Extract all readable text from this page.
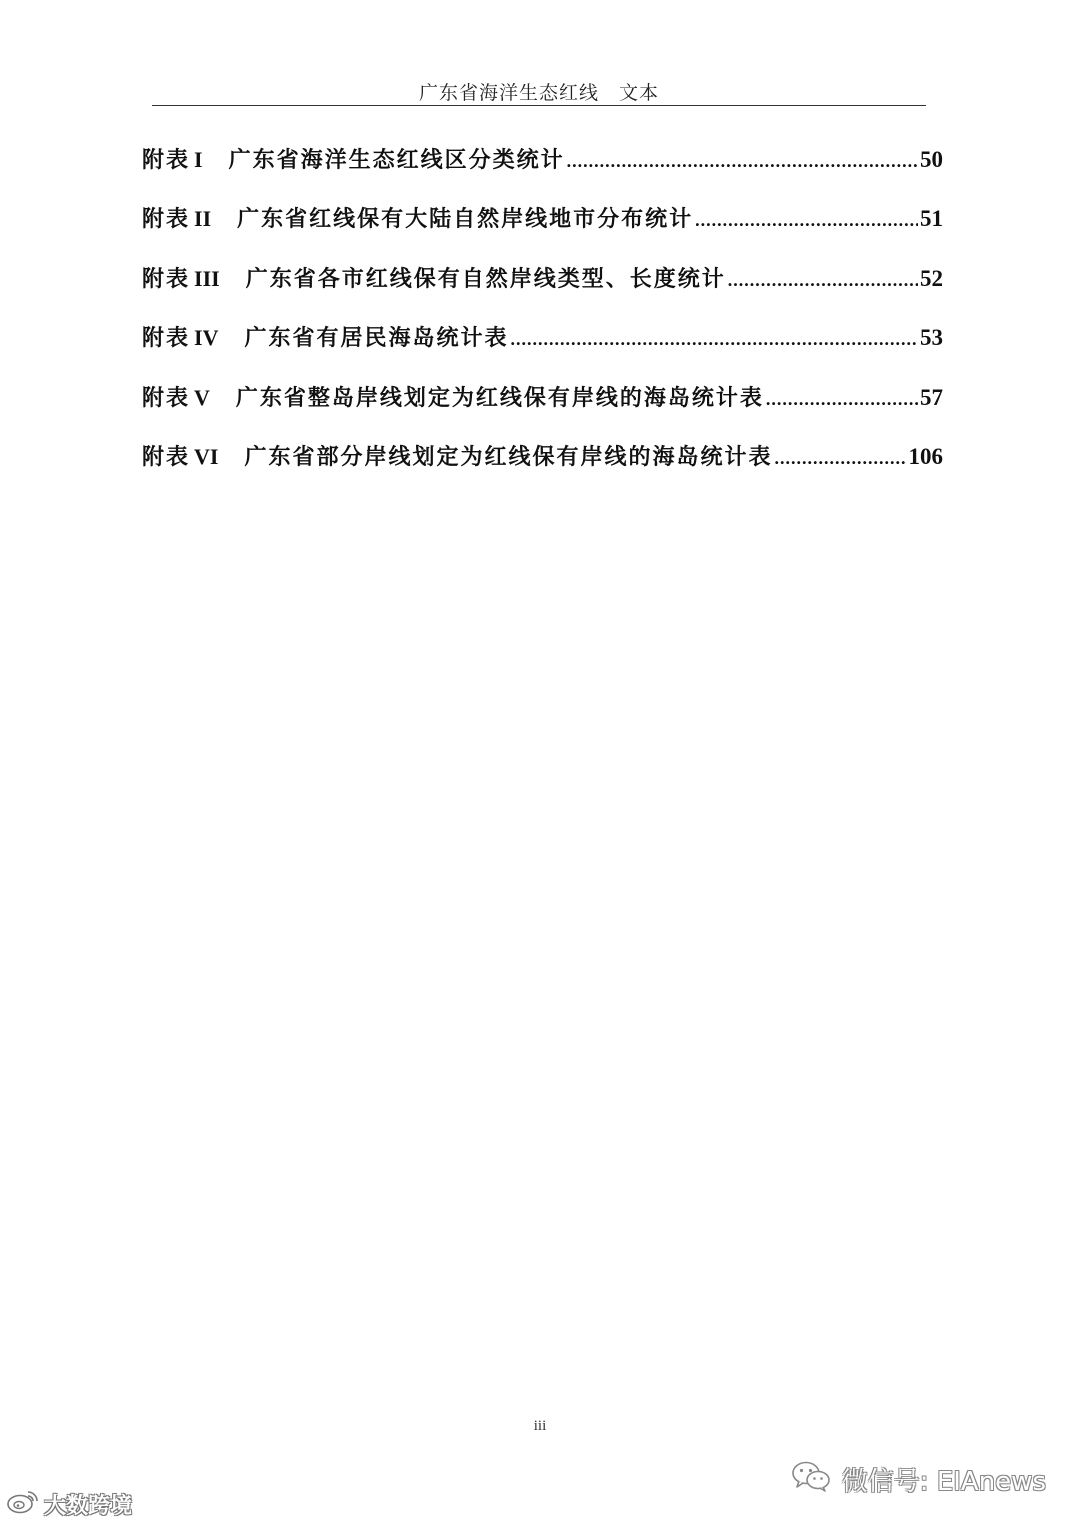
广东省海洋生态红线　文本
附表 I 广东省海洋生态红线区分类统计 .....	50
附表 II 广东省红线保有大陆自然岸线地市分布统计 .....	51
附表 III 广东省各市红线保有自然岸线类型、长度统计 .....	52
附表 IV 广东省有居民海岛统计表 .....	53
附表 V 广东省整岛岸线划定为红线保有岸线的海岛统计表 .....	57
附表 VI 广东省部分岸线划定为红线保有岸线的海岛统计表 .....	106
iii
大数跨境
微信号: EIAnews
